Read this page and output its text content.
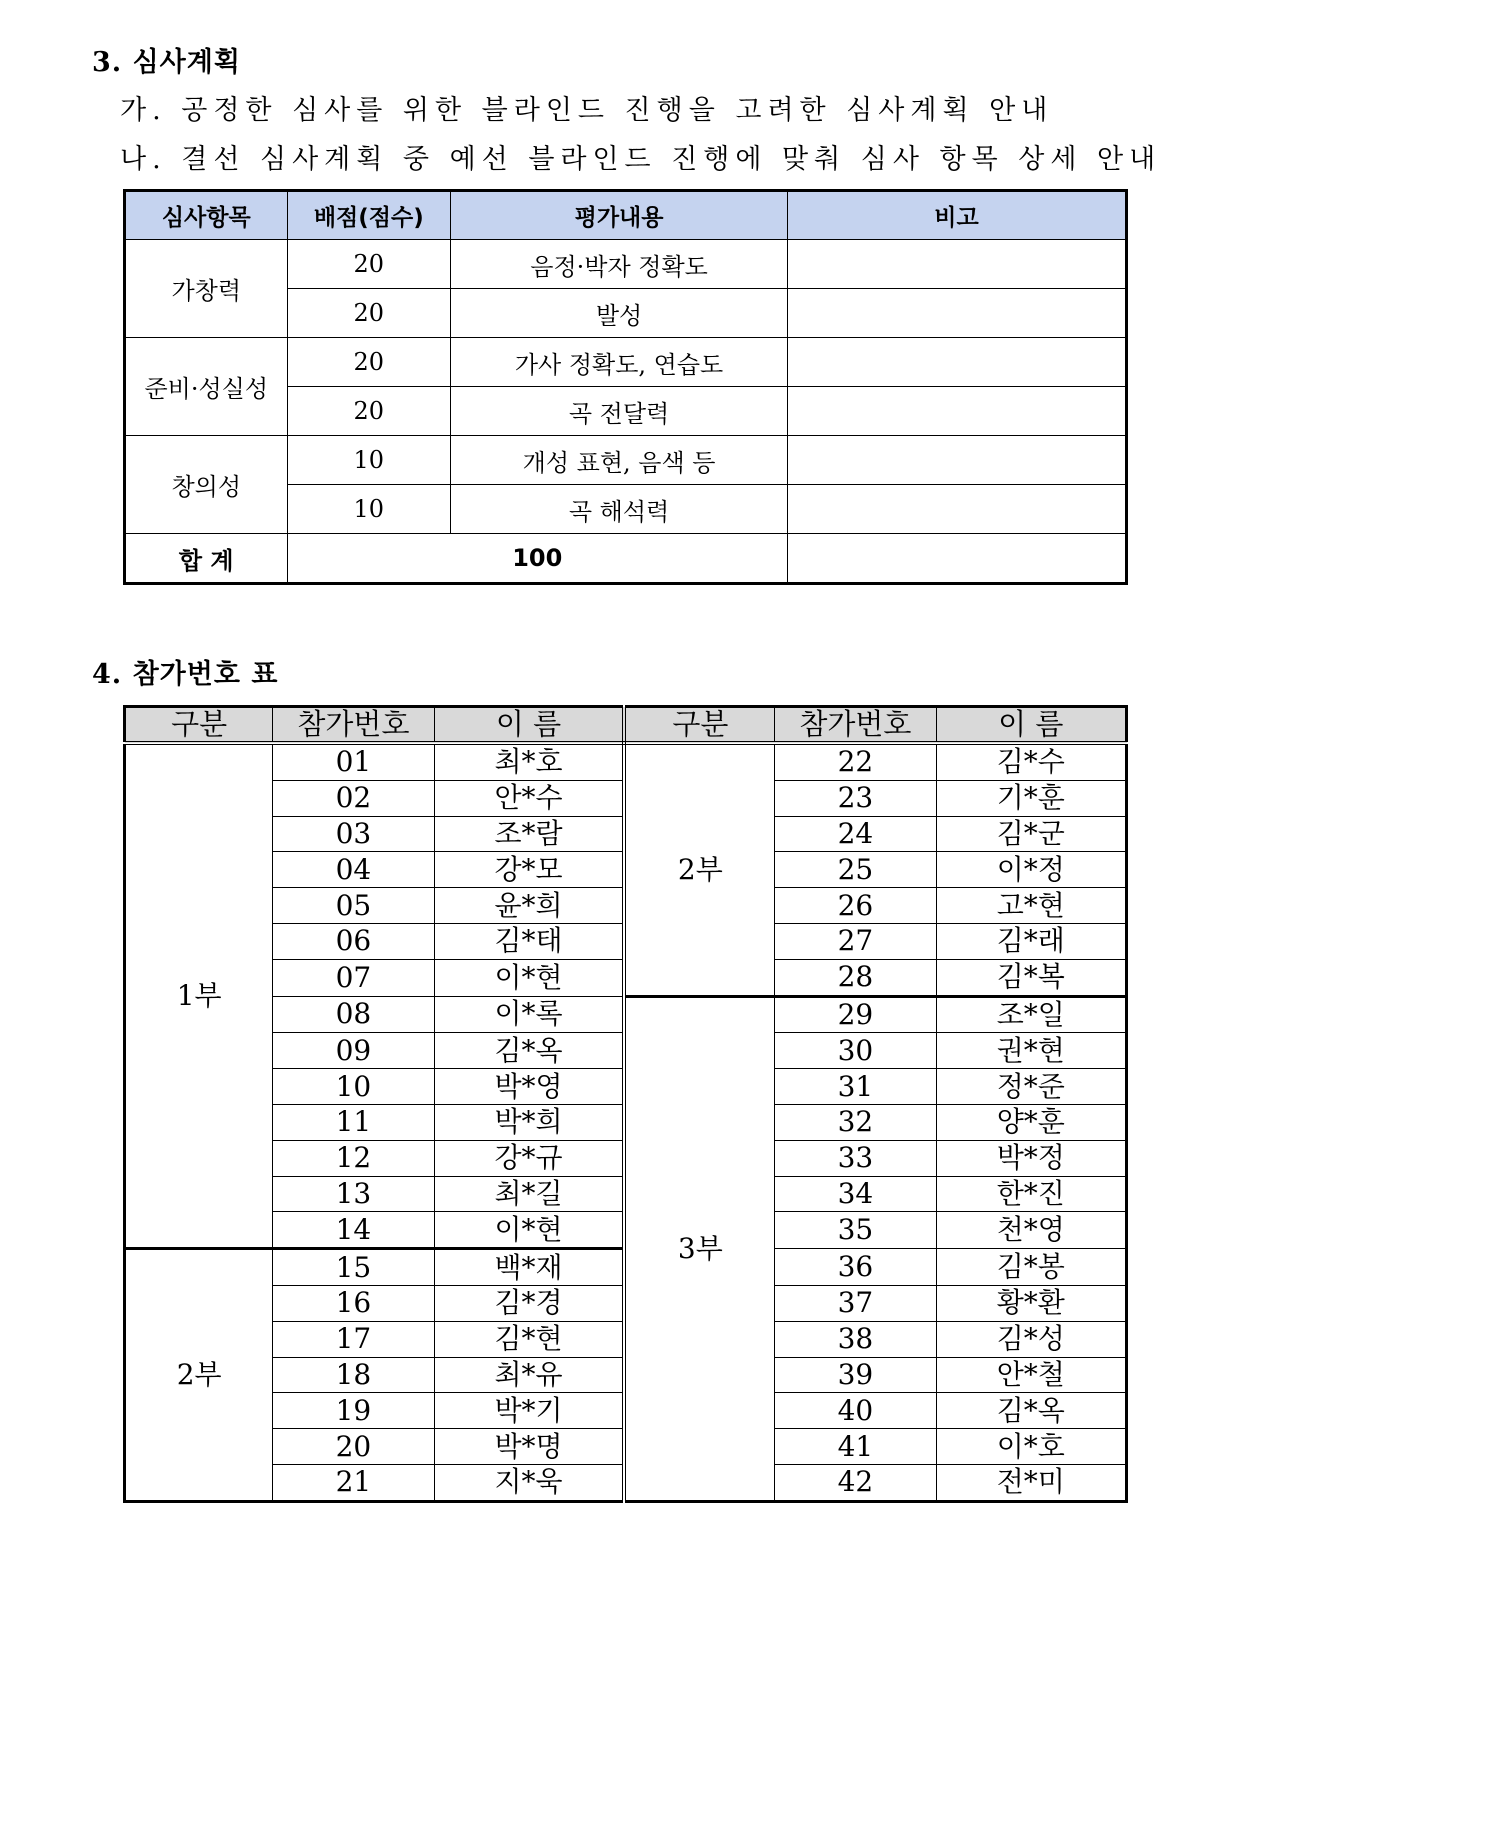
3. 심사계획
가. 공정한 심사를 위한 블라인드 진행을 고려한 심사계획 안내
나. 결선 심사계획 중 예선 블라인드 진행에 맞춰 심사 항목 상세 안내
심사항목	배점(점수)	평가내용	비고
가창력	20	음정·박자 정확도	
	20	발성	
준비·성실성	20	가사 정확도, 연습도	
	20	곡 전달력	
창의성	10	개성 표현, 음색 등	
	10	곡 해석력	
합 계	100		
4. 참가번호 표
구분	참가번호	이 름	구분	참가번호	이 름
1부	01	최*호	2부	22	김*수
	02	안*수		23	기*훈
	03	조*람		24	김*군
	04	강*모		25	이*정
	05	윤*희		26	고*현
	06	김*태		27	김*래
	07	이*현		28	김*복
	08	이*록	3부	29	조*일
	09	김*옥		30	권*현
	10	박*영		31	정*준
	11	박*희		32	양*훈
	12	강*규		33	박*정
	13	최*길		34	한*진
	14	이*현		35	천*영
2부	15	백*재		36	김*봉
	16	김*경		37	황*환
	17	김*현		38	김*성
	18	최*유		39	안*철
	19	박*기		40	김*옥
	20	박*명		41	이*호
	21	지*욱		42	전*미
